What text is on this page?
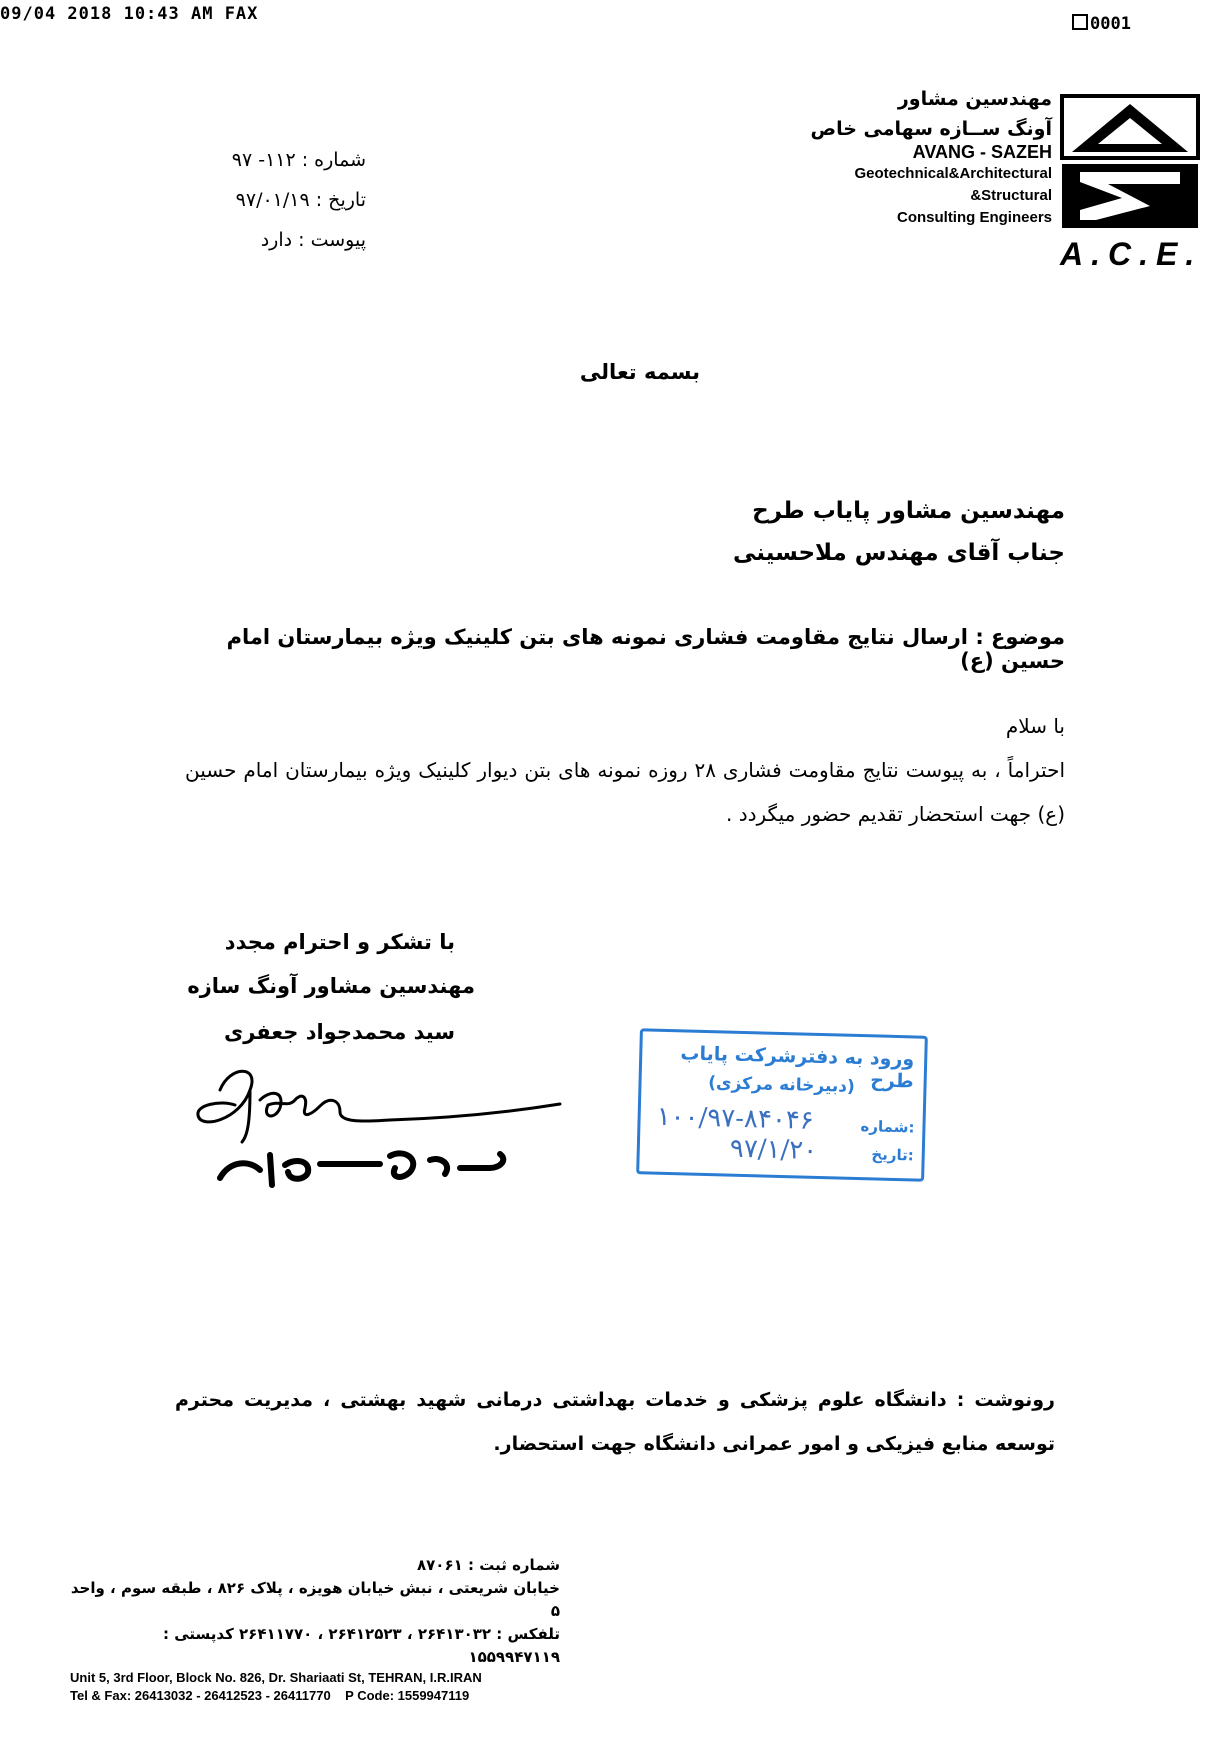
09/04 2018 10:43 AM FAX	0001
مهندسین مشاور
آونگ ســازه سهامی خاص
AVANG - SAZEH
Geotechnical&Architectural
&Structural
Consulting Engineers
A.C.E.
شماره : ۱۱۲- ۹۷
تاریخ : ۹۷/۰۱/۱۹
پیوست : دارد
بسمه تعالی
مهندسین مشاور پایاب طرح
جناب آقای مهندس ملاحسینی
موضوع : ارسال نتایج مقاومت فشاری نمونه های بتن کلینیک ویژه بیمارستان امام حسین (ع)
با سلام
احتراماً ، به پیوست نتایج مقاومت فشاری ۲۸ روزه نمونه های بتن دیوار کلینیک ویژه بیمارستان امام حسین (ع) جهت استحضار تقدیم حضور میگردد .
با تشکر و احترام مجدد
مهندسین مشاور آونگ سازه
سید محمدجواد جعفری
ورود به دفترشرکت پایاب طرح
(دبیرخانه مرکزی)
شماره:
۱۰۰/۹۷-۸۴۰۴۶
تاریخ:
۹۷/۱/۲۰
رونوشت : دانشگاه علوم پزشکی و خدمات بهداشتی درمانی شهید بهشتی ، مدیریت محترم توسعه منابع فیزیکی و امور عمرانی دانشگاه جهت استحضار.
شماره ثبت : ۸۷۰۶۱
خیابان شریعتی ، نبش خیابان هویزه ، پلاک ۸۲۶ ، طبقه سوم ، واحد ۵
تلفکس : ۲۶۴۱۳۰۳۲ ، ۲۶۴۱۲۵۲۳ ، ۲۶۴۱۱۷۷۰ کدپستی : ۱۵۵۹۹۴۷۱۱۹
Unit 5, 3rd Floor, Block No. 826, Dr. Shariaati St, TEHRAN, I.R.IRAN
Tel & Fax: 26413032 - 26412523 - 26411770 P Code: 1559947119
